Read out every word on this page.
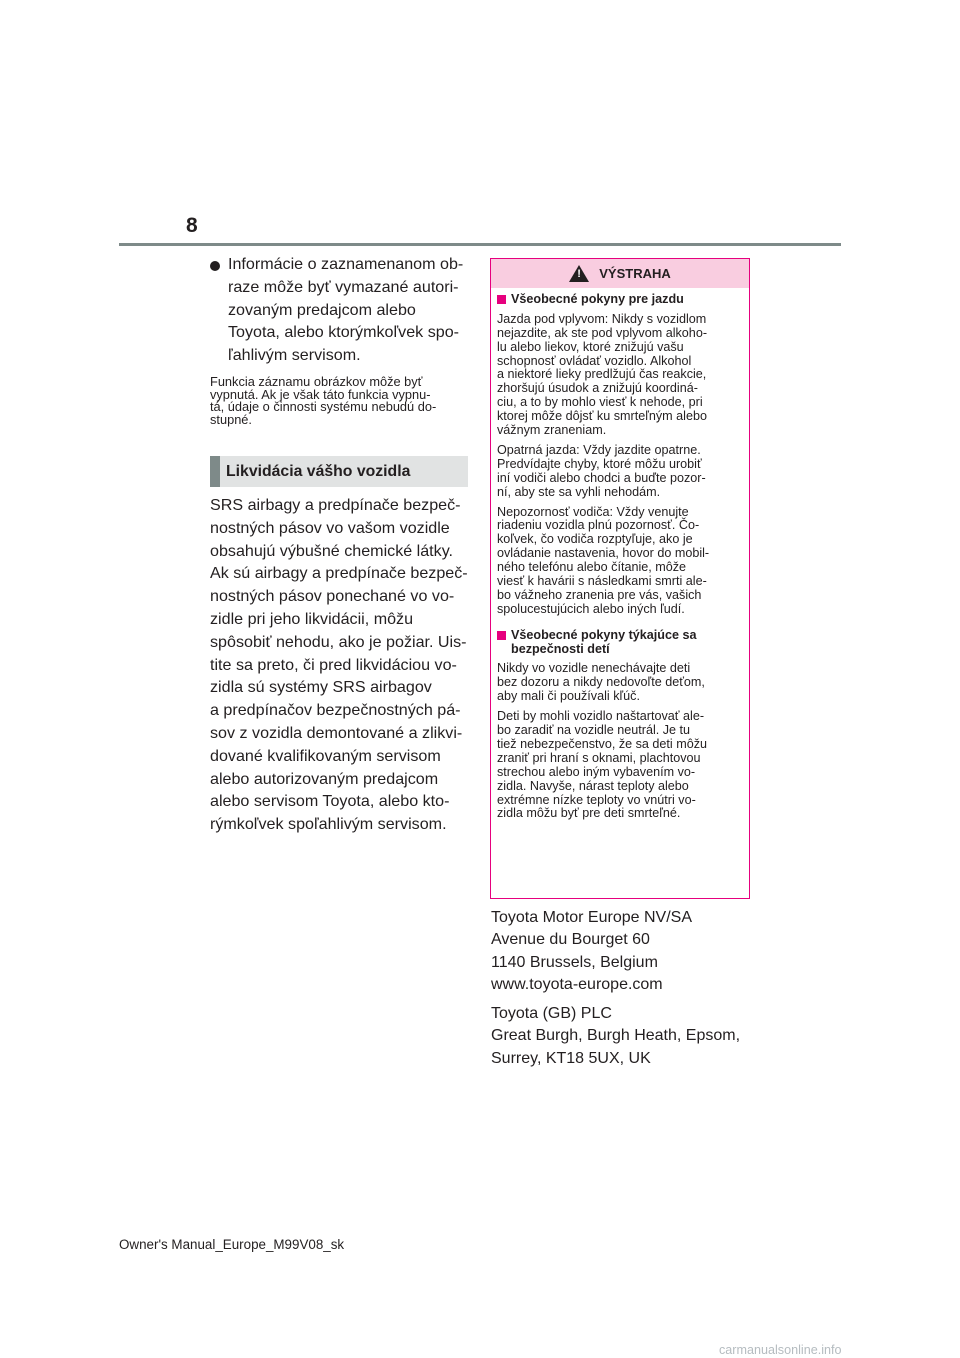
8

Informácie o zaznamenanom ob-

raze môže byť vymazané autori-

zovaným predajcom alebo

Toyota, alebo ktorýmkoľvek spo-

ľahlivým servisom.

Funkcia záznamu obrázkov môže byť

vypnutá. Ak je však táto funkcia vypnu-

tá, údaje o činnosti systému nebudú do-

stupné.

Likvidácia vášho vozidla

SRS airbagy a predpínače bezpeč-

nostných pásov vo vašom vozidle

obsahujú výbušné chemické látky.

Ak sú airbagy a predpínače bezpeč-

nostných pásov ponechané vo vo-

zidle pri jeho likvidácii, môžu

spôsobiť nehodu, ako je požiar. Uis-

tite sa preto, či pred likvidáciou vo-

zidla sú systémy SRS airbagov

a predpínačov bezpečnostných pá-

sov z vozidla demontované a zlikvi-

dované kvalifikovaným servisom

alebo autorizovaným predajcom

alebo servisom Toyota, alebo kto-

rýmkoľvek spoľahlivým servisom.

! VÝSTRAHA
Všeobecné pokyny pre jazdu
Jazda pod vplyvom: Nikdy s vozidlom
nejazdite, ak ste pod vplyvom alkoho-
lu alebo liekov, ktoré znižujú vašu
schopnosť ovládať vozidlo. Alkohol
a niektoré lieky predlžujú čas reakcie,
zhoršujú úsudok a znižujú koordiná-
ciu, a to by mohlo viesť k nehode, pri
ktorej môže dôjsť ku smrteľným alebo
vážnym zraneniam.
Opatrná jazda: Vždy jazdite opatrne.
Predvídajte chyby, ktoré môžu urobiť
iní vodiči alebo chodci a buďte pozor-
ní, aby ste sa vyhli nehodám.
Nepozornosť vodiča: Vždy venujte
riadeniu vozidla plnú pozornosť. Čo-
koľvek, čo vodiča rozptyľuje, ako je
ovládanie nastavenia, hovor do mobil-
ného telefónu alebo čítanie, môže
viesť k havárii s následkami smrti ale-
bo vážneho zranenia pre vás, vašich
spolucestujúcich alebo iných ľudí.
Všeobecné pokyny týkajúce sa
bezpečnosti detí
Nikdy vo vozidle nenechávajte deti
bez dozoru a nikdy nedovoľte deťom,
aby mali či používali kľúč.
Deti by mohli vozidlo naštartovať ale-
bo zaradiť na vozidle neutrál. Je tu
tiež nebezpečenstvo, že sa deti môžu
zraniť pri hraní s oknami, plachtovou
strechou alebo iným vybavením vo-
zidla. Navyše, nárast teploty alebo
extrémne nízke teploty vo vnútri vo-
zidla môžu byť pre deti smrteľné.

Toyota Motor Europe NV/SA

Avenue du Bourget 60

1140 Brussels, Belgium

www.toyota-europe.com

Toyota (GB) PLC

Great Burgh, Burgh Heath, Epsom,

Surrey, KT18 5UX, UK

Owner's Manual_Europe_M99V08_sk
carmanualsonline.info
